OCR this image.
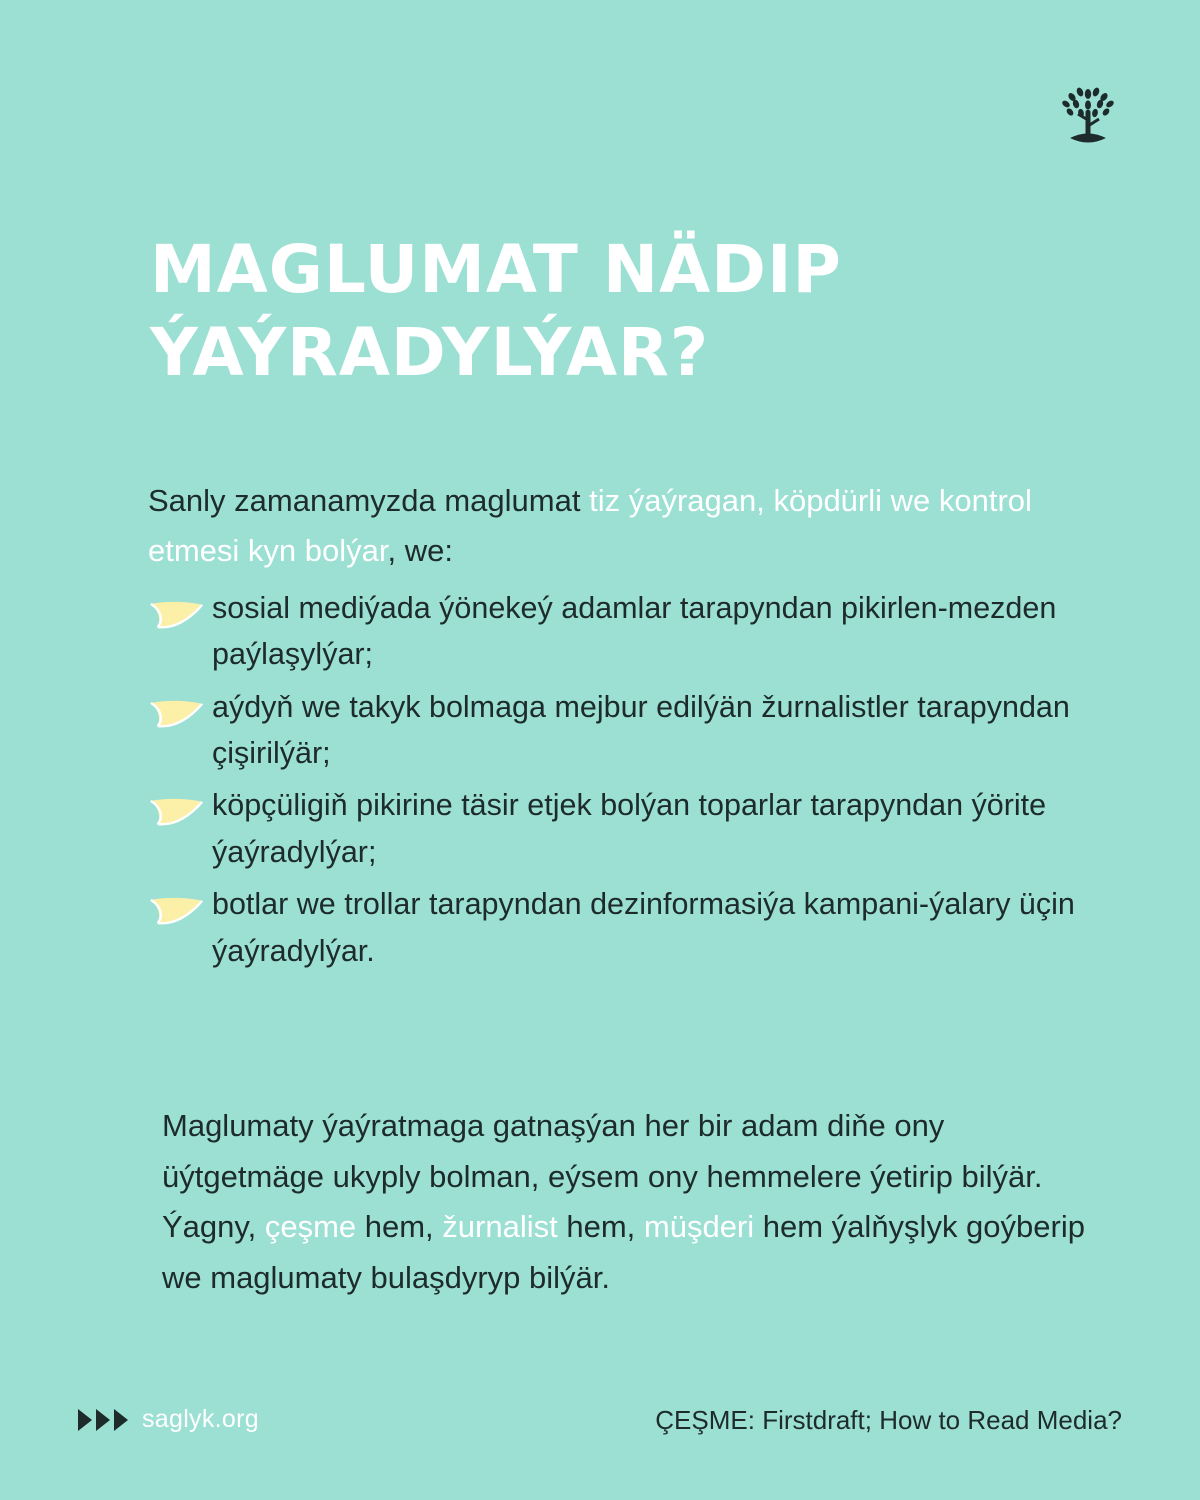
MAGLUMAT NÄDIP
ÝAÝRADYLÝAR?

Sanly zamanamyzda maglumat tiz ýaýragan, köpdürli we kontrol etmesi kyn bolýar, we:

sosial mediýada ýönekeý adamlar tarapyndan pikirlen-mezden paýlaşylýar;
aýdyň we takyk bolmaga mejbur edilýän žurnalistler tarapyndan çişirilýär;
köpçüligiň pikirine täsir etjek bolýan toparlar tarapyndan ýörite ýaýradylýar;
botlar we trollar tarapyndan dezinformasiýa kampani-ýalary üçin ýaýradylýar.

Maglumaty ýaýratmaga gatnaşýan her bir adam diňe ony üýtgetmäge ukyply bolman, eýsem ony hemmelere ýetirip bilýär. Ýagny, çeşme hem, žurnalist hem, müşderi hem ýalňyşlyk goýberip we maglumaty bulaşdyryp bilýär.

saglyk.org	ÇEŞME: Firstdraft; How to Read Media?
